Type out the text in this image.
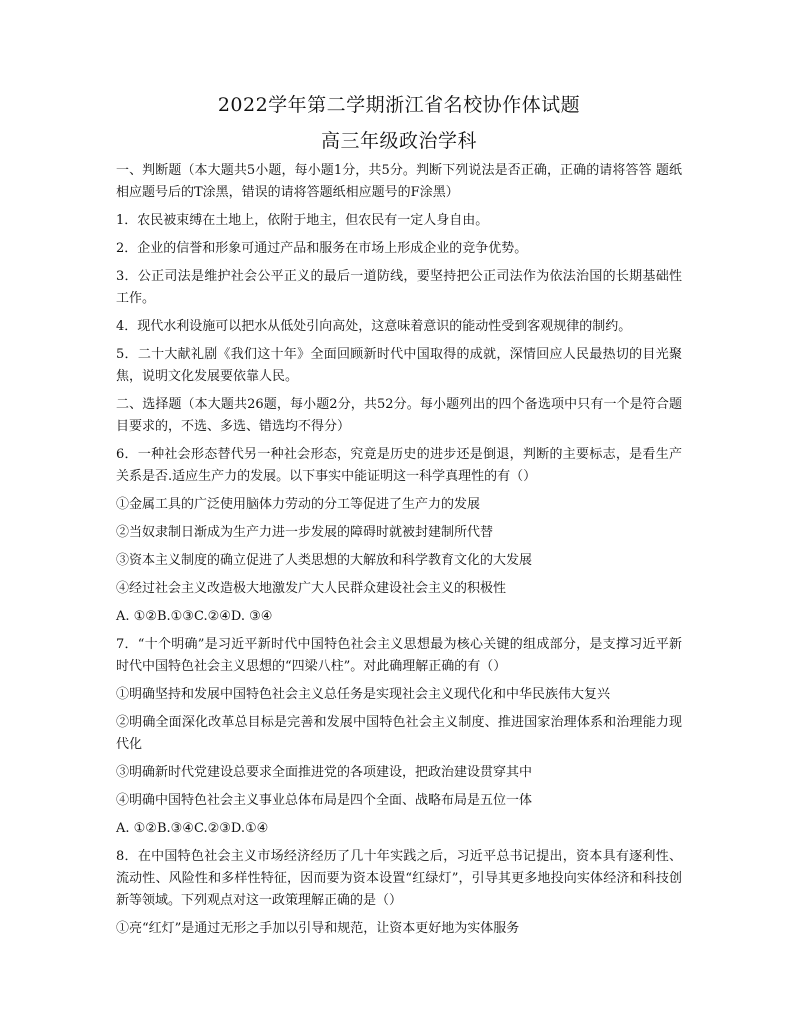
2022学年第二学期浙江省名校协作体试题
高三年级政治学科

一、判断题（本大题共5小题，每小题1分，共5分。判断下列说法是否正确，正确的请将答答 题纸相应题号后的T涂黑，错误的请将答题纸相应题号的F涂黑）

1．农民被束缚在土地上，依附于地主，但农民有一定人身自由。

2．企业的信誉和形象可通过产品和服务在市场上形成企业的竞争优势。

3．公正司法是维护社会公平正义的最后一道防线，要坚持把公正司法作为依法治国的长期基础性工作。

4．现代水利设施可以把水从低处引向高处，这意味着意识的能动性受到客观规律的制约。

5．二十大献礼剧《我们这十年》全面回顾新时代中国取得的成就，深情回应人民最热切的目光聚焦，说明文化发展要依靠人民。

二、选择题（本大题共26题，每小题2分，共52分。每小题列出的四个备选项中只有一个是符合题目要求的，不选、多选、错选均不得分）

6．一种社会形态替代另一种社会形态，究竟是历史的进步还是倒退，判断的主要标志，是看生产关系是否.适应生产力的发展。以下事实中能证明这一科学真理性的有（）

①金属工具的广泛使用脑体力劳动的分工等促进了生产力的发展

②当奴隶制日渐成为生产力进一步发展的障碍时就被封建制所代替

③资本主义制度的确立促进了人类思想的大解放和科学教育文化的大发展

④经过社会主义改造极大地激发广大人民群众建设社会主义的积极性

A. ①②B.①③C.②④D. ③④

7．“十个明确”是习近平新时代中国特色社会主义思想最为核心关键的组成部分，是支撑习近平新时代中国特色社会主义思想的“四梁八柱”。对此确理解正确的有（）

①明确坚持和发展中国特色社会主义总任务是实现社会主义现代化和中华民族伟大复兴

②明确全面深化改革总目标是完善和发展中国特色社会主义制度、推进国家治理体系和治理能力现代化

③明确新时代党建设总要求全面推进党的各项建设，把政治建设贯穿其中

④明确中国特色社会主义事业总体布局是四个全面、战略布局是五位一体

A. ①②B.③④C.②③D.①④

8．在中国特色社会主义市场经济经历了几十年实践之后，习近平总书记提出，资本具有逐利性、流动性、风险性和多样性特征，因而要为资本设置“红绿灯”，引导其更多地投向实体经济和科技创新等领域。下列观点对这一政策理解正确的是（）

①亮“红灯”是通过无形之手加以引导和规范，让资本更好地为实体服务
